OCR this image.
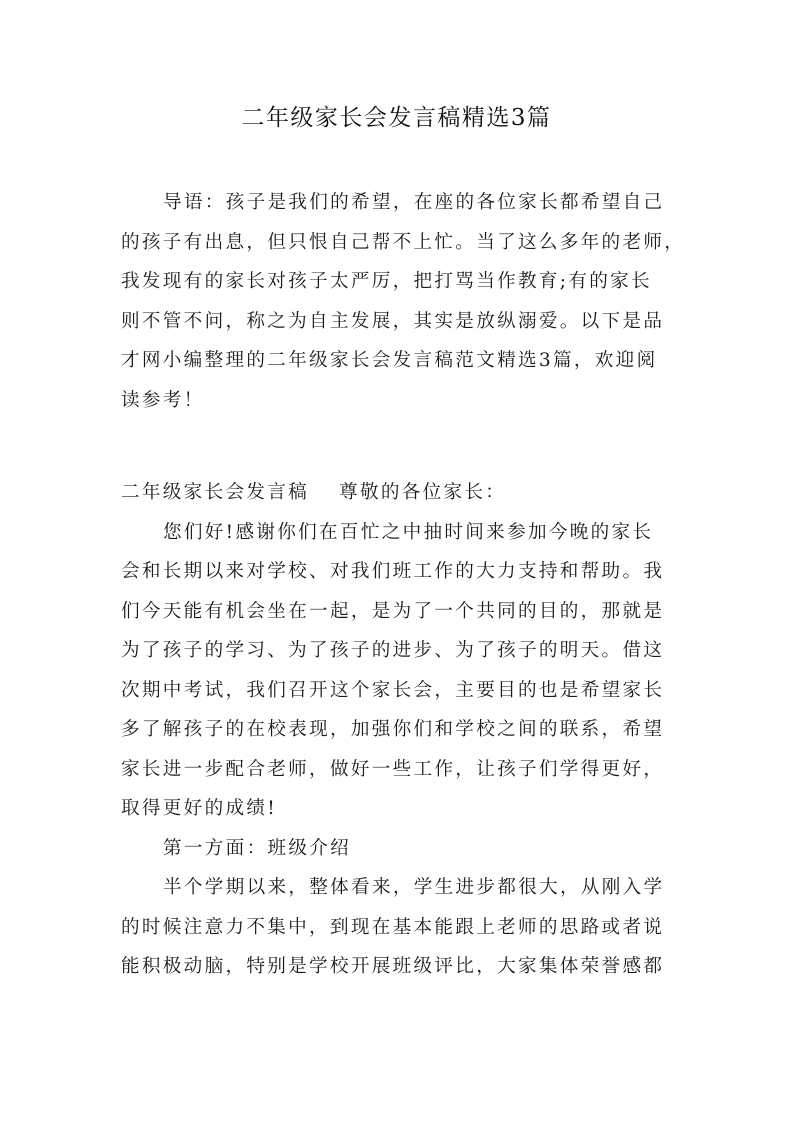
二年级家长会发言稿精选3篇
导语：孩子是我们的希望，在座的各位家长都希望自己
的孩子有出息，但只恨自己帮不上忙。当了这么多年的老师，
我发现有的家长对孩子太严厉，把打骂当作教育;有的家长
则不管不问，称之为自主发展，其实是放纵溺爱。以下是品
才网小编整理的二年级家长会发言稿范文精选3篇，欢迎阅
读参考！
二年级家长会发言稿 尊敬的各位家长：
您们好!感谢你们在百忙之中抽时间来参加今晚的家长
会和长期以来对学校、对我们班工作的大力支持和帮助。我
们今天能有机会坐在一起，是为了一个共同的目的，那就是
为了孩子的学习、为了孩子的进步、为了孩子的明天。借这
次期中考试，我们召开这个家长会，主要目的也是希望家长
多了解孩子的在校表现，加强你们和学校之间的联系，希望
家长进一步配合老师，做好一些工作，让孩子们学得更好，
取得更好的成绩!
第一方面：班级介绍
半个学期以来，整体看来，学生进步都很大，从刚入学
的时候注意力不集中，到现在基本能跟上老师的思路或者说
能积极动脑，特别是学校开展班级评比，大家集体荣誉感都
